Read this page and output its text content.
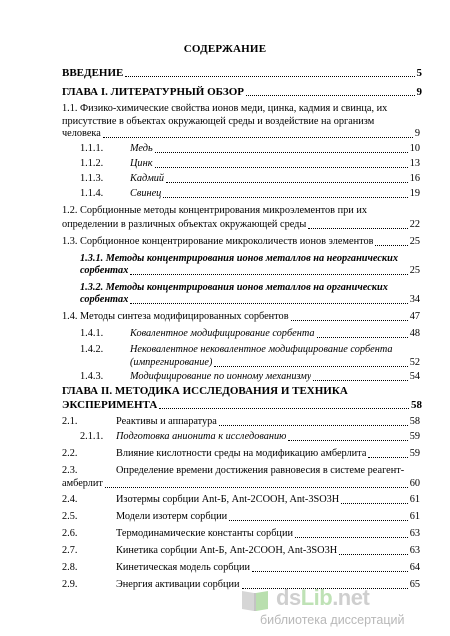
СОДЕРЖАНИЕ
ВВЕДЕНИЕ	5
ГЛАВА I. ЛИТЕРАТУРНЫЙ ОБЗОР	9
1.1. Физико-химические свойства ионов меди, цинка, кадмия и свинца, их
присутствие в объектах окружающей среды и воздействие на организм
человека	9
1.1.1.	Медь	10
1.1.2.	Цинк	13
1.1.3.	Кадмий	16
1.1.4.	Свинец	19
1.2. Сорбционные методы концентрирования микроэлементов при их
определении в различных объектах окружающей среды	22
1.3. Сорбционное концентрирование микроколичеств ионов элементов	25
1.3.1. Методы концентрирования ионов металлов на неорганических
сорбентах	25
1.3.2. Методы концентрирования ионов металлов на органических
сорбентах	34
1.4. Методы синтеза модифицированных сорбентов	47
1.4.1.	Ковалентное модифицирование сорбента	48
1.4.2.	Нековалентное нековалентное модифицирование сорбента
(импрегнирование)	52
1.4.3.	Модифицирование по ионному механизму	54
ГЛАВА II. МЕТОДИКА ИССЛЕДОВАНИЯ И ТЕХНИКА
ЭКСПЕРИМЕНТА	58
2.1.	Реактивы и аппаратура	58
2.1.1.	Подготовка анионита к исследованию	59
2.2.	Влияние кислотности среды на модификацию амберлита	59
2.3.	Определение времени достижения равновесия в системе реагент-
амберлит	60
2.4.	Изотермы сорбции Ant-Б, Ant-2COOH, Ant-3SO3H	61
2.5.	Модели изотерм сорбции	61
2.6.	Термодинамические константы сорбции	63
2.7.	Кинетика сорбции Ant-Б, Ant-2COOH, Ant-3SO3H	63
2.8.	Кинетическая модель сорбции	64
2.9.	Энергия активации сорбции	65
dsLib.net
библиотека диссертаций
